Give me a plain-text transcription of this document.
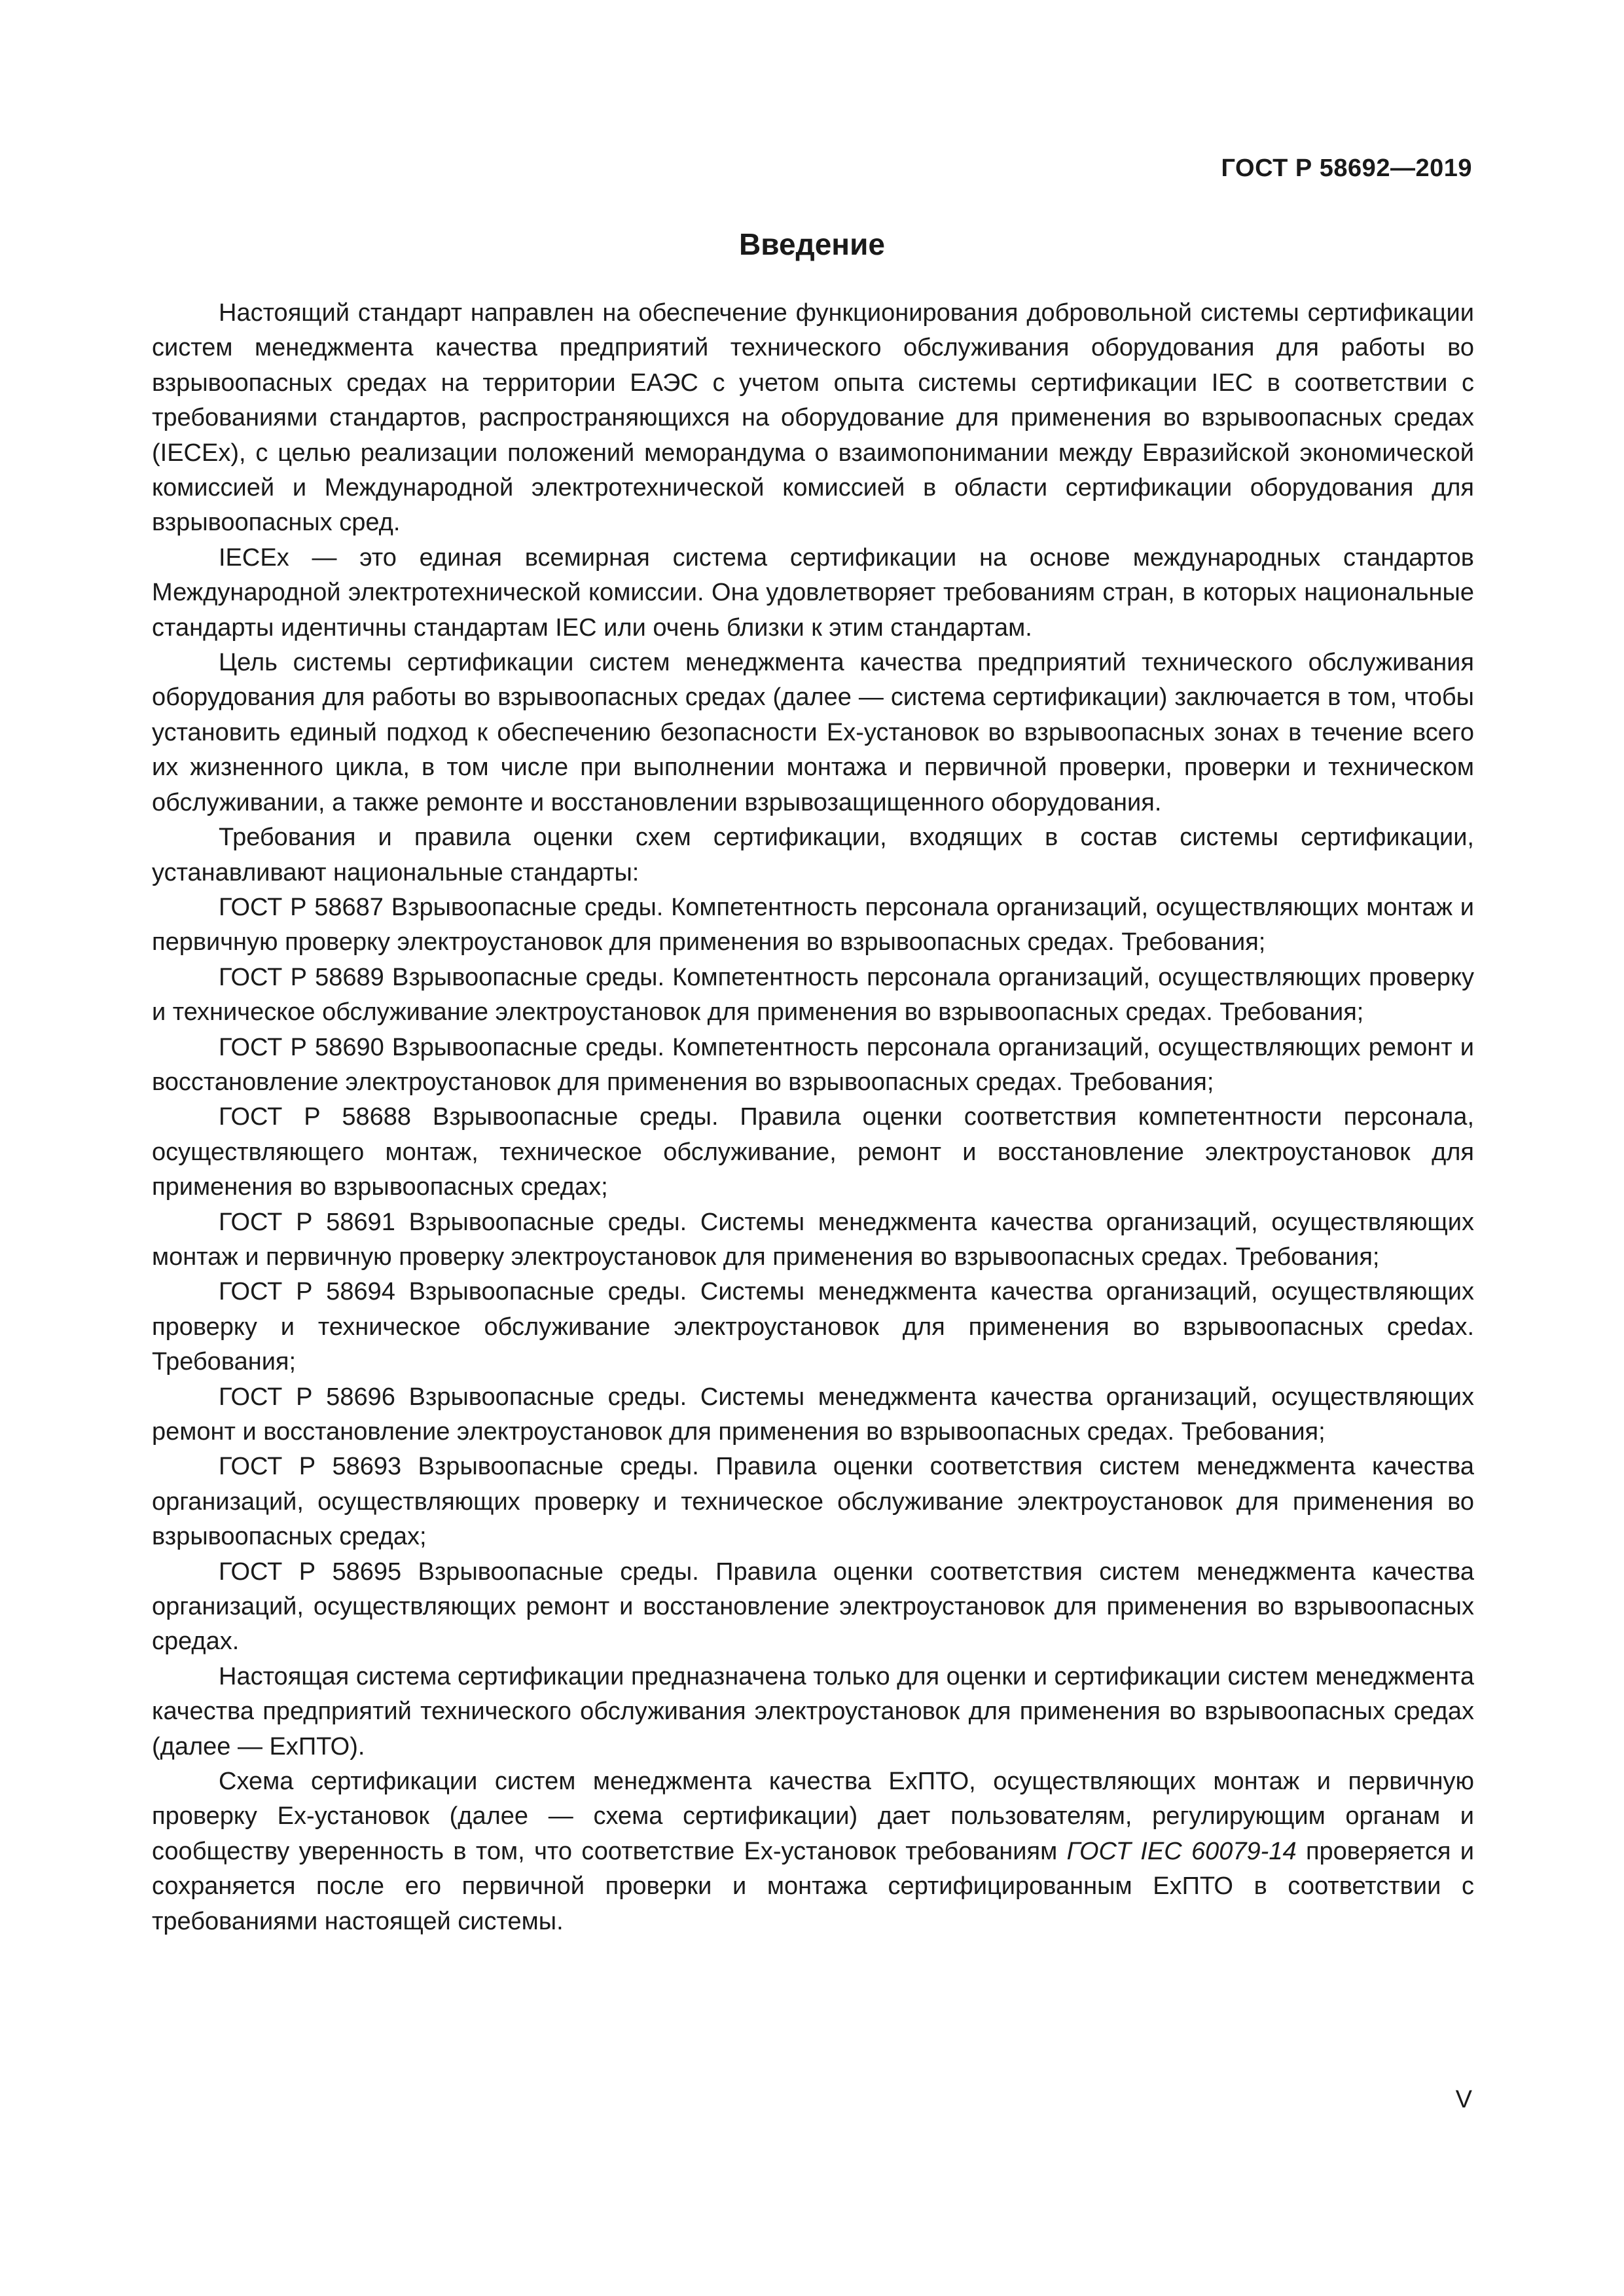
ГОСТ Р 58692—2019
Введение

Настоящий стандарт направлен на обеспечение функционирования добровольной системы сертификации систем менеджмента качества предприятий технического обслуживания оборудования для работы во взрывоопасных средах на территории ЕАЭС с учетом опыта системы сертификации IEC в соответствии с требованиями стандартов, распространяющихся на оборудование для применения во взрывоопасных средах (IECEx), с целью реализации положений меморандума о взаимопонимании между Евразийской экономической комиссией и Международной электротехнической комиссией в области сертификации оборудования для взрывоопасных сред.

IECEx — это единая всемирная система сертификации на основе международных стандартов Международной электротехнической комиссии. Она удовлетворяет требованиям стран, в которых национальные стандарты идентичны стандартам IEC или очень близки к этим стандартам.

Цель системы сертификации систем менеджмента качества предприятий технического обслуживания оборудования для работы во взрывоопасных средах (далее — система сертификации) заключается в том, чтобы установить единый подход к обеспечению безопасности Ex-установок во взрывоопасных зонах в течение всего их жизненного цикла, в том числе при выполнении монтажа и первичной проверки, проверки и техническом обслуживании, а также ремонте и восстановлении взрывозащищенного оборудования.

Требования и правила оценки схем сертификации, входящих в состав системы сертификации, устанавливают национальные стандарты:

ГОСТ Р 58687 Взрывоопасные среды. Компетентность персонала организаций, осуществляющих монтаж и первичную проверку электроустановок для применения во взрывоопасных средах. Требования;

ГОСТ Р 58689 Взрывоопасные среды. Компетентность персонала организаций, осуществляющих проверку и техническое обслуживание электроустановок для применения во взрывоопасных средах. Требования;

ГОСТ Р 58690 Взрывоопасные среды. Компетентность персонала организаций, осуществляющих ремонт и восстановление электроустановок для применения во взрывоопасных средах. Требования;

ГОСТ Р 58688 Взрывоопасные среды. Правила оценки соответствия компетентности персонала, осуществляющего монтаж, техническое обслуживание, ремонт и восстановление электроустановок для применения во взрывоопасных средах;

ГОСТ Р 58691 Взрывоопасные среды. Системы менеджмента качества организаций, осуществляющих монтаж и первичную проверку электроустановок для применения во взрывоопасных средах. Требования;

ГОСТ Р 58694 Взрывоопасные среды. Системы менеджмента качества организаций, осуществляющих проверку и техническое обслуживание электроустановок для применения во взрывоопасных среdах. Требования;

ГОСТ Р 58696 Взрывоопасные среды. Системы менеджмента качества организаций, осуществляющих ремонт и восстановление электроустановок для применения во взрывоопасных средах. Требования;

ГОСТ Р 58693 Взрывоопасные среды. Правила оценки соответствия систем менеджмента качества организаций, осуществляющих проверку и техническое обслуживание электроустановок для применения во взрывоопасных средах;

ГОСТ Р 58695 Взрывоопасные среды. Правила оценки соответствия систем менеджмента качества организаций, осуществляющих ремонт и восстановление электроустановок для применения во взрывоопасных средах.

Настоящая система сертификации предназначена только для оценки и сертификации систем менеджмента качества предприятий технического обслуживания электроустановок для применения во взрывоопасных средах (далее — ExПТО).

Схема сертификации систем менеджмента качества ExПТО, осуществляющих монтаж и первичную проверку Ex-установок (далее — схема сертификации) дает пользователям, регулирующим органам и сообществу уверенность в том, что соответствие Ex-установок требованиям ГОСТ IEC 60079-14 проверяется и сохраняется после его первичной проверки и монтажа сертифицированным ExПТО в соответствии с требованиями настоящей системы.

V
